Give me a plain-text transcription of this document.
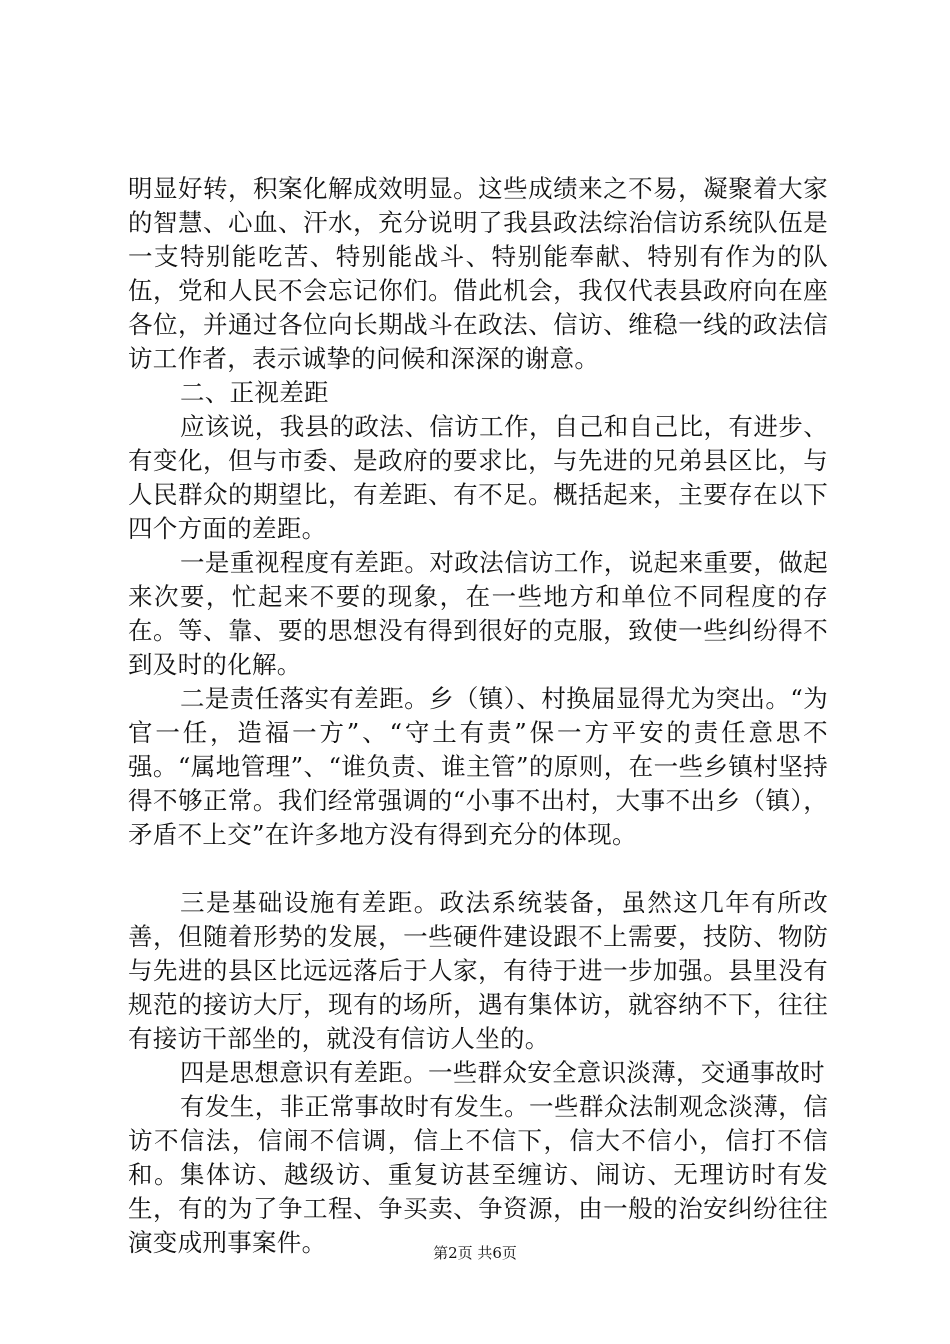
明显好转，积案化解成效明显。这些成绩来之不易，凝聚着大家的智慧、心血、汗水，充分说明了我县政法综治信访系统队伍是一支特别能吃苦、特别能战斗、特别能奉献、特别有作为的队伍，党和人民不会忘记你们。借此机会，我仅代表县政府向在座各位，并通过各位向长期战斗在政法、信访、维稳一线的政法信访工作者，表示诚挚的问候和深深的谢意。

二、正视差距

应该说，我县的政法、信访工作，自己和自己比，有进步、有变化，但与市委、是政府的要求比，与先进的兄弟县区比，与人民群众的期望比，有差距、有不足。概括起来，主要存在以下四个方面的差距。

一是重视程度有差距。对政法信访工作，说起来重要，做起来次要，忙起来不要的现象，在一些地方和单位不同程度的存在。等、靠、要的思想没有得到很好的克服，致使一些纠纷得不到及时的化解。

二是责任落实有差距。乡（镇）、村换届显得尤为突出。“为官一任，造福一方”、“守土有责”保一方平安的责任意思不强。“属地管理”、“谁负责、谁主管”的原则，在一些乡镇村坚持得不够正常。我们经常强调的“小事不出村，大事不出乡（镇），矛盾不上交”在许多地方没有得到充分的体现。

三是基础设施有差距。政法系统装备，虽然这几年有所改善，但随着形势的发展，一些硬件建设跟不上需要，技防、物防与先进的县区比远远落后于人家，有待于进一步加强。县里没有规范的接访大厅，现有的场所，遇有集体访，就容纳不下，往往有接访干部坐的，就没有信访人坐的。

四是思想意识有差距。一些群众安全意识淡薄，交通事故时

有发生，非正常事故时有发生。一些群众法制观念淡薄，信访不信法，信闹不信调，信上不信下，信大不信小，信打不信和。集体访、越级访、重复访甚至缠访、闹访、无理访时有发生，有的为了争工程、争买卖、争资源，由一般的治安纠纷往往演变成刑事案件。	第2页 共6页
